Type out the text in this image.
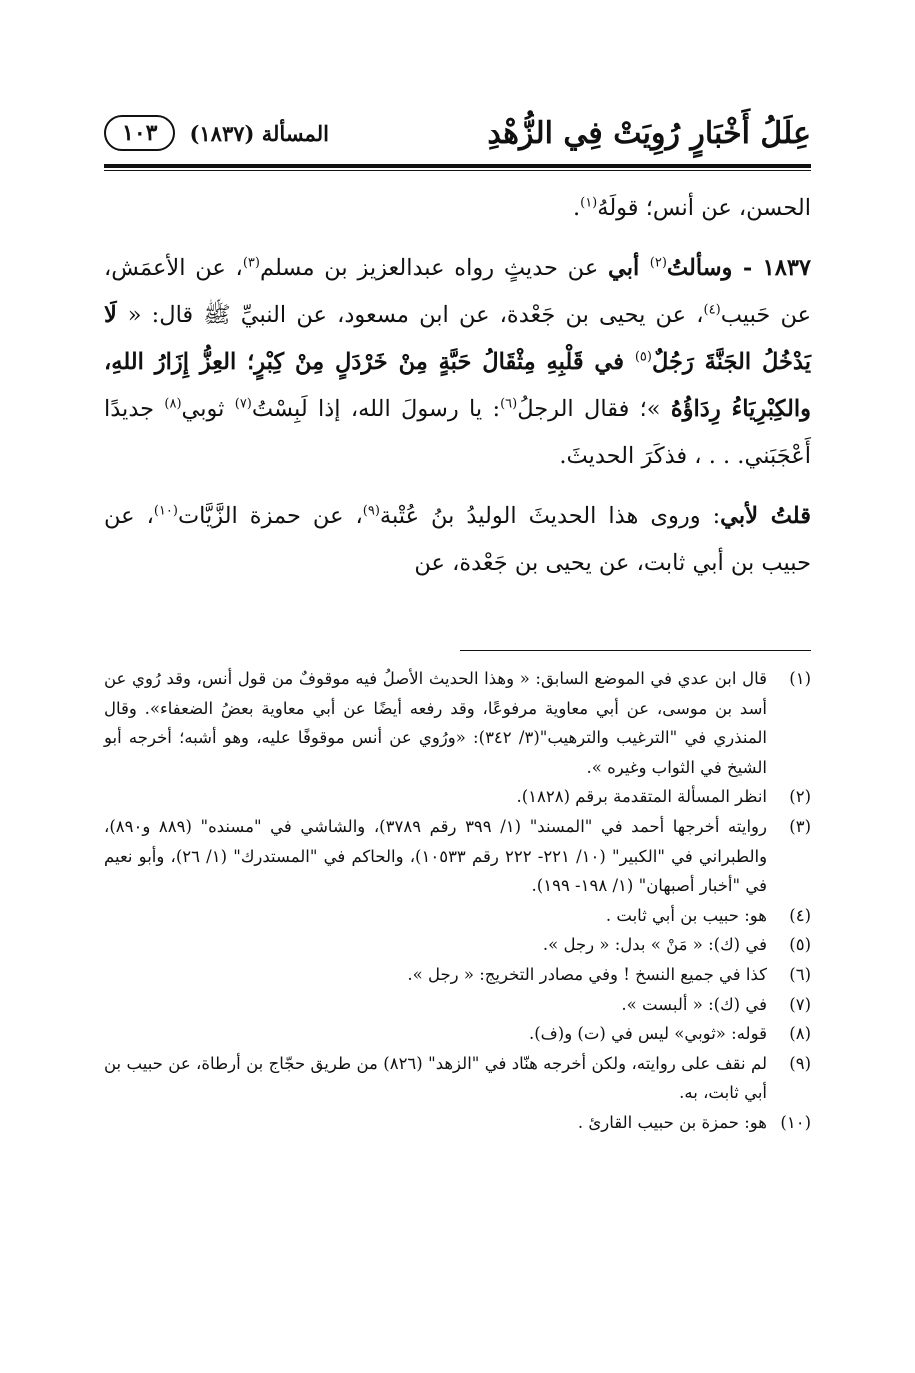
عِلَلُ أَخْبَارٍ رُوِيَتْ فِي الزُّهْدِ
المسألة (١٨٣٧)
١٠٣

الحسن، عن أنس؛ قولَهُ$^{(١)}$.

١٨٣٧ - وسألتُ$^{(٢)}$ أبي عن حديثٍ رواه عبدالعزيز بن مسلم$^{(٣)}$، عن الأعمَش، عن حَبيب$^{(٤)}$، عن يحيى بن جَعْدة، عن ابن مسعود، عن النبيِّ ﷺ قال: « لَا يَدْخُلُ الجَنَّةَ رَجُلٌ$^{(٥)}$ في قَلْبِهِ مِثْقَالُ حَبَّةٍ مِنْ خَرْدَلٍ مِنْ كِبْرٍ؛ العِزُّ إِزَارُ اللهِ، والكِبْرِيَاءُ رِدَاؤُهُ »؛ فقال الرجلُ$^{(٦)}$: يا رسولَ الله، إذا لَبِسْتُ$^{(٧)}$ ثوبي$^{(٨)}$ جديدًا أَعْجَبَني. . . ، فذكَرَ الحديثَ.

قلتُ لأبي: وروى هذا الحديثَ الوليدُ بنُ عُتْبة$^{(٩)}$، عن حمزة الزَّيَّات$^{(١٠)}$، عن حبيب بن أبي ثابت، عن يحيى بن جَعْدة، عن

(١)
قال ابن عدي في الموضع السابق: « وهذا الحديث الأصلُ فيه موقوفٌ من قول أنس، وقد رُوي عن أسد بن موسى، عن أبي معاوية مرفوعًا، وقد رفعه أيضًا عن أبي معاوية بعضُ الضعفاء». وقال المنذري في "الترغيب والترهيب"(٣/ ٣٤٢): «ورُوي عن أنس موقوفًا عليه، وهو أشبه؛ أخرجه أبو الشيخ في الثواب وغيره ».
(٢)
انظر المسألة المتقدمة برقم (١٨٢٨).
(٣)
روايته أخرجها أحمد في "المسند" (١/ ٣٩٩ رقم ٣٧٨٩)، والشاشي في "مسنده" (٨٨٩ و٨٩٠)، والطبراني في "الكبير" (١٠/ ٢٢١- ٢٢٢ رقم ١٠٥٣٣)، والحاكم في "المستدرك" (١/ ٢٦)، وأبو نعيم في "أخبار أصبهان" (١/ ١٩٨- ١٩٩).
(٤)
هو: حبيب بن أبي ثابت .
(٥)
في (ك): « مَنْ » بدل: « رجل ».
(٦)
كذا في جميع النسخ ! وفي مصادر التخريج: « رجل ».
(٧)
في (ك): « ألبست ».
(٨)
قوله: «ثوبي» ليس في (ت) و(ف).
(٩)
لم نقف على روايته، ولكن أخرجه هنّاد في "الزهد" (٨٢٦) من طريق حجّاج بن أرطاة، عن حبيب بن أبي ثابت، به.
(١٠)
هو: حمزة بن حبيب القارئ .
